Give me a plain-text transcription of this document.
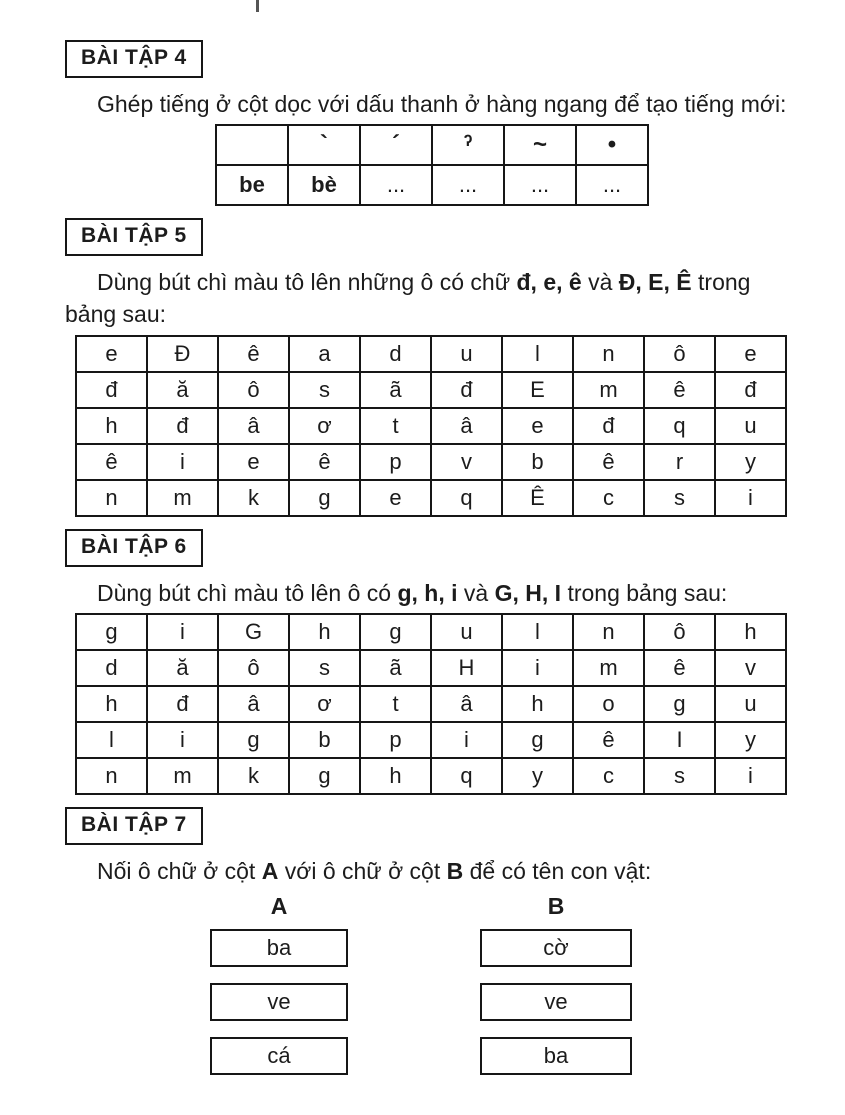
BÀI TẬP 4

Ghép tiếng ở cột dọc với dấu thanh ở hàng ngang để tạo tiếng mới:

	`	´	ˀ	~	•
be	bè	...	...	...	...
BÀI TẬP 5

Dùng bút chì màu tô lên những ô có chữ đ, e, ê và Đ, E, Ê trong bảng sau:

e	Đ	ê	a	d	u	l	n	ô	e
đ	ă	ô	s	ã	đ	E	m	ê	đ
h	đ	â	ơ	t	â	e	đ	q	u
ê	i	e	ê	p	v	b	ê	r	y
n	m	k	g	e	q	Ê	c	s	i
BÀI TẬP 6

Dùng bút chì màu tô lên ô có g, h, i và G, H, I trong bảng sau:

g	i	G	h	g	u	l	n	ô	h
d	ă	ô	s	ã	H	i	m	ê	v
h	đ	â	ơ	t	â	h	o	g	u
l	i	g	b	p	i	g	ê	I	y
n	m	k	g	h	q	y	c	s	i
BÀI TẬP 7

Nối ô chữ ở cột A với ô chữ ở cột B để có tên con vật:

A
ba
ve
cá
B
cờ
ve
ba
